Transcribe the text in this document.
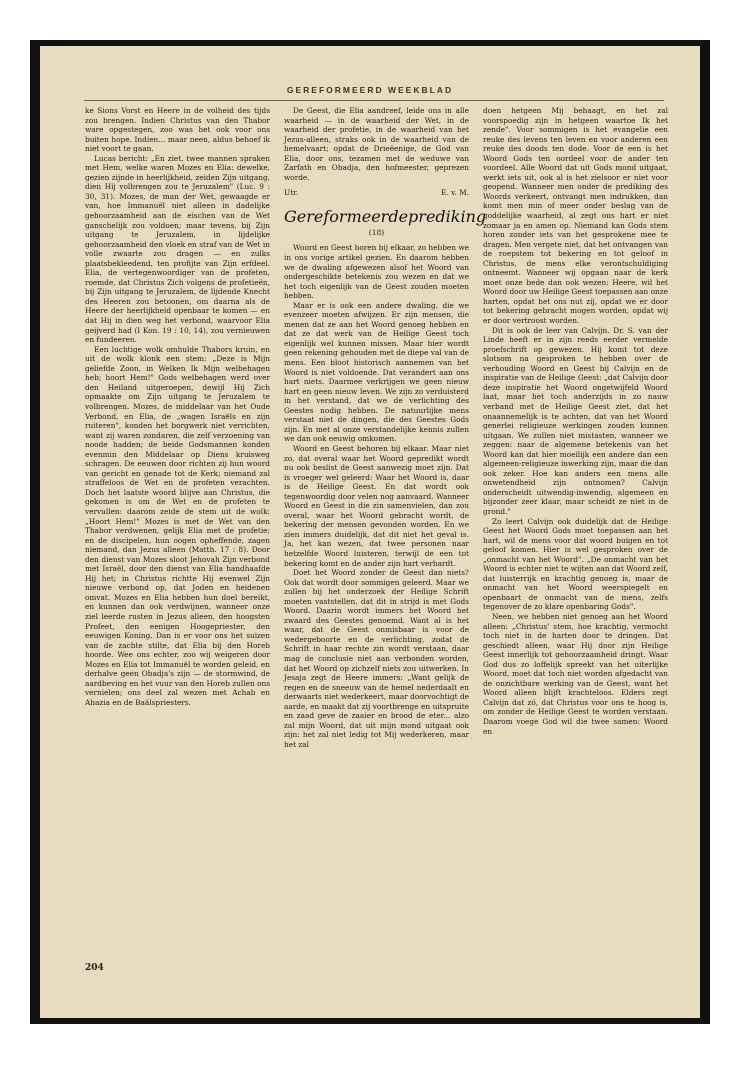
GEREFORMEERD WEEKBLAD

ke Sions Vorst en Heere in de volheid des tijds zou brengen. Indien Christus van den Thabor ware opgestegen, zoo was het ook voor ons buiten hope. Indien... maar neen, aldus behoef ik niet voort te gaan.

Lucas bericht: „En ziet, twee mannen spraken met Hem, welke waren Mozes en Elia: dewelke, gezien zijnde in heerlijkheid, zeiden Zijn uitgang, dien Hij volbrengen zou te Jeruzalem" (Luc. 9 : 30, 31). Mozes, de man der Wet, gewaagde er van, hoe Immanuël niet alleen in dadelijke gehoorzaamheid aan de eischen van de Wet ganschelijk zou voldoen; maar tevens, bij Zijn uitgang te Jeruzalem, in lijdelijke gehoorzaamheid den vloek en straf van de Wet in volle zwaarte zou dragen — en zulks plaatsbekleedend, ten profijte van Zijn erfdeel. Elia, de vertegenwoordiger van de profeten, roemde, dat Christus Zich volgens de profetieën, bij Zijn uitgang te Jeruzalem, de lijdende Knecht des Heeren zou betoonen, om daarna als de Heere der heerlijkheid openbaar te komen — en dat Hij in dien weg het verbond, waarvoor Elia geijverd had (I Kon. 19 : 10, 14), zou vernieuwen en fundeeren.

Een luchtige wolk omhulde Thabors kruin, en uit de wolk klonk een stem: „Deze is Mijn geliefde Zoon, in Welken Ik Mijn welbehagen heb; hoort Hem!" Gods welbehagen werd over den Heiland uitgeroepen, dewijl Hij Zich opmaakte om Zijn uitgang te Jeruzalem te volbrengen. Mozes, de middelaar van het Oude Verbond, en Elia, de „wagen Israëls en zijn ruiteren", konden het borgwerk niet verrichten, want zij waren zondaren, die zelf verzoening van noode hadden; de beide Godsmannen konden evenmin den Middelaar op Diens kruisweg schragen. De eeuwen door richten zij hun woord van gericht en genade tot de Kerk; niemand zal straffeloos de Wet en de profeten verachten. Doch het laatste woord blijve aan Christus, die gekomen is om de Wet en de profeten te vervullen: daarom zeide de stem uit de wolk: „Hoort Hem!" Mozes is met de Wet van den Thabor verdwenen, gelijk Elia met de profetie; en de discipelen, hun oogen opheffende, zagen niemand, dan Jezus alleen (Matth. 17 : 8). Door den dienst van Mozes sloot Jehovah Zijn verbond met Israël, door den dienst van Elia handhaafde Hij het; in Christus richtte Hij evenwel Zijn nieuwe verbond op, dat Joden en heidenen omvat. Mozes en Elia hebben hun doel bereikt, en kunnen dan ook verdwijnen, wanneer onze ziel leerde rusten in Jezus alleen, den hoogsten Profeet, den eenigen Hoogepriester, den eeuwigen Koning. Dan is er voor ons het suizen van de zachte stilte, dat Elia bij den Horeb hoorde. Wee ons echter, zoo wij weigeren door Mozes en Elia tot Immanuël te worden geleid, en derhalve geen Obadja's zijn — de stormwind, de aardbeving en het vuur van den Horeb zullen ons vernielen; ons deel zal wezen met Achab en Ahazia en de Baälspriesters.

De Geest, die Elia aandreef, leide ons in alle waarheid — in de waarheid der Wet, in de waarheid der profetie, in de waarheid van het Jezus-alleen, straks ook in de waarheid van de hemelvaart; opdat de Drieëenige, de God van Elia, door ons, tezamen met de weduwe van Zarfath en Obadja, den hofmeester, geprezen worde.

Utr.	E. v. M.
Gereformeerde prediking
(18)

Woord en Geest horen bij elkaar, zo hebben we in ons vorige artikel gezien. En daarom hebben we de dwaling afgewezen alsof het Woord van ondergeschikte betekenis zou wezen en dat we het toch eigenlijk van de Geest zouden moeten hebben.

Maar er is ook een andere dwaling, die we evenzeer moeten afwijzen. Er zijn mensen, die menen dat ze aan het Woord genoeg hebben en dat ze dat werk van de Heilige Geest toch eigenlijk wel kunnen missen. Maar hier wordt geen rekening gehouden met de diepe val van de mens. Een bloot historisch aannemen van het Woord is niet voldoende. Dat verandert aan ons hart niets. Daarmee verkrijgen we geen nieuw hart en geen nieuw leven. We zijn zo verduisterd in het verstand, dat we de verlichting des Geestes nodig hebben. De natuurlijke mens verstaat niet de dingen, die des Geestes Gods zijn. En met al onze verstandelijke kennis zullen we dan ook eeuwig omkomen.

Woord en Geest behoren bij elkaar. Maar niet zo, dat overal waar het Woord gepredikt wordt nu ook beslist de Geest aanwezig moet zijn. Dat is vroeger wel geleerd: Waar het Woord is, daar is de Heilige Geest. En dat wordt ook tegenwoordig door velen nog aanvaard. Wanneer Woord en Geest in die zin samenvielen, dan zou overal, waar het Woord gebracht wordt, de bekering der mensen gevonden worden. En we zien immers duidelijk, dat dit niet het geval is. Ja, het kan wezen, dat twee personen naar hetzelfde Woord luisteren, terwijl de een tot bekering komt en de ander zijn hart verhardt.

Doet het Woord zonder de Geest dan niets? Ook dat wordt door sommigen geleerd. Maar we zullen bij het onderzoek der Heilige Schrift moeten vaststellen, dat dit in strijd is met Gods Woord. Daarin wordt immers het Woord het zwaard des Geestes genoemd. Want al is het waar, dat de Geest onmisbaar is voor de wedergeboorte en de verlichting, zodat de Schrift in haar rechte zin wordt verstaan, daar mag de conclusie niet aan verbonden worden, dat het Woord op zichzelf niets zou uitwerken. In Jesaja zegt de Heere immers: „Want gelijk de regen en de sneeuw van de hemel nederdaalt en derwaarts niet wederkeert, maar doorvochtigt de aarde, en maakt dat zij voortbrenge en uitspruite en zaad geve de zaaier en brood de eter... alzo zal mijn Woord, dat uit mijn mond uitgaat ook zijn: het zal niet ledig tot Mij wederkeren, maar het zal

doen hetgeen Mij behaagt, en het zal voorspoedig zijn in hetgeen waartoe Ik het zende". Voor sommigen is het evangelie een reuke des levens ten leven en voor anderen een reuke des doods ten dode. Voor de een is het Woord Gods ten oordeel voor de ander ten voordeel. Alle Woord dat uit Gods mond uitgaat, werkt iets uit, ook al is het zielsoor er niet voor geopend. Wanneer men onder de prediking des Woords verkeert, ontvangt men indrukken, dan komt men min of meer onder beslag van de goddelijke waarheid, al zegt ons hart er niet zomaar ja en amen op. Niemand kan Gods stem horen zonder iets van het gesprokene mee te dragen. Men vergete niet, dat het ontvangen van de roepstem tot bekering en tot geloof in Christus, de mens elke verontschuldiging ontneemt. Wanneer wij opgaan naar de kerk moet onze bede dan ook wezen: Heere, wil het Woord door uw Heilige Geest toepassen aan onze harten, opdat het ons nut zij, opdat we er door tot bekering gebracht mogen worden, opdat wij er door vertroost worden.

Dit is ook de leer van Calvijn. Dr. S. van der Linde heeft er in zijn reeds eerder vermelde proefschrift op gewezen. Hij komt tot deze slotsom na gesproken te hebben over de verhouding Woord en Geest bij Calvijn en de inspiratie van de Heilige Geest: „dat Calvijn door deze inspiratie het Woord ongetwijfeld Woord laat, maar het toch anderzijds in zo nauw verband met de Heilige Geest ziet, dat het onaannemelijk is te achten, dat van het Woord generlei religieuze werkingen zouden kunnen uitgaan. We zullen niet mistasten, wanneer we zeggen: naar de algemene betekenis van het Woord kan dat hier moeilijk een andere dan een algemeen-religieuze inwerking zijn, maar die dan ook zeker. Hoe kan anders een mens alle onwetendheid zijn ontnomen? Calvijn onderscheidt uitwendig-inwendig, algemeen en bijzonder zeer klaar, maar scheidt ze niet in de grond."

Zo leert Calvijn ook duidelijk dat de Heilige Geest het Woord Gods moet toepassen aan het hart, wil de mens voor dat woord buigen en tot geloof komen. Hier is wel gesproken over de „onmacht van het Woord". „De onmacht van het Woord is echter niet te wijten aan dat Woord zelf, dat luisterrijk en krachtig genoeg is, maar de onmacht van het Woord weerspiegelt en openbaart de onmacht van de mens, zelfs tegenover de zo klare openbaring Gods".

Neen, we hebben niet genoeg aan het Woord alleen: „Christus' stem, hoe krachtig, vermocht toch niet in de harten door te dringen. Dat geschiedt alleen, waar Hij door zijn Heilige Geest innerlijk tot gehoorzaamheid dringt. Waar God dus zo loffelijk spreekt van het uiterlijke Woord, moet dat toch niet worden afgedacht van de onzichtbare werking van de Geest, want het Woord alleen blijft krachteloos. Elders zegt Calvijn dat zó, dat Christus voor ons te hoog is, om zonder de Heilige Geest te worden verstaan. Daarom voege God wil die twee samen: Woord en

204
